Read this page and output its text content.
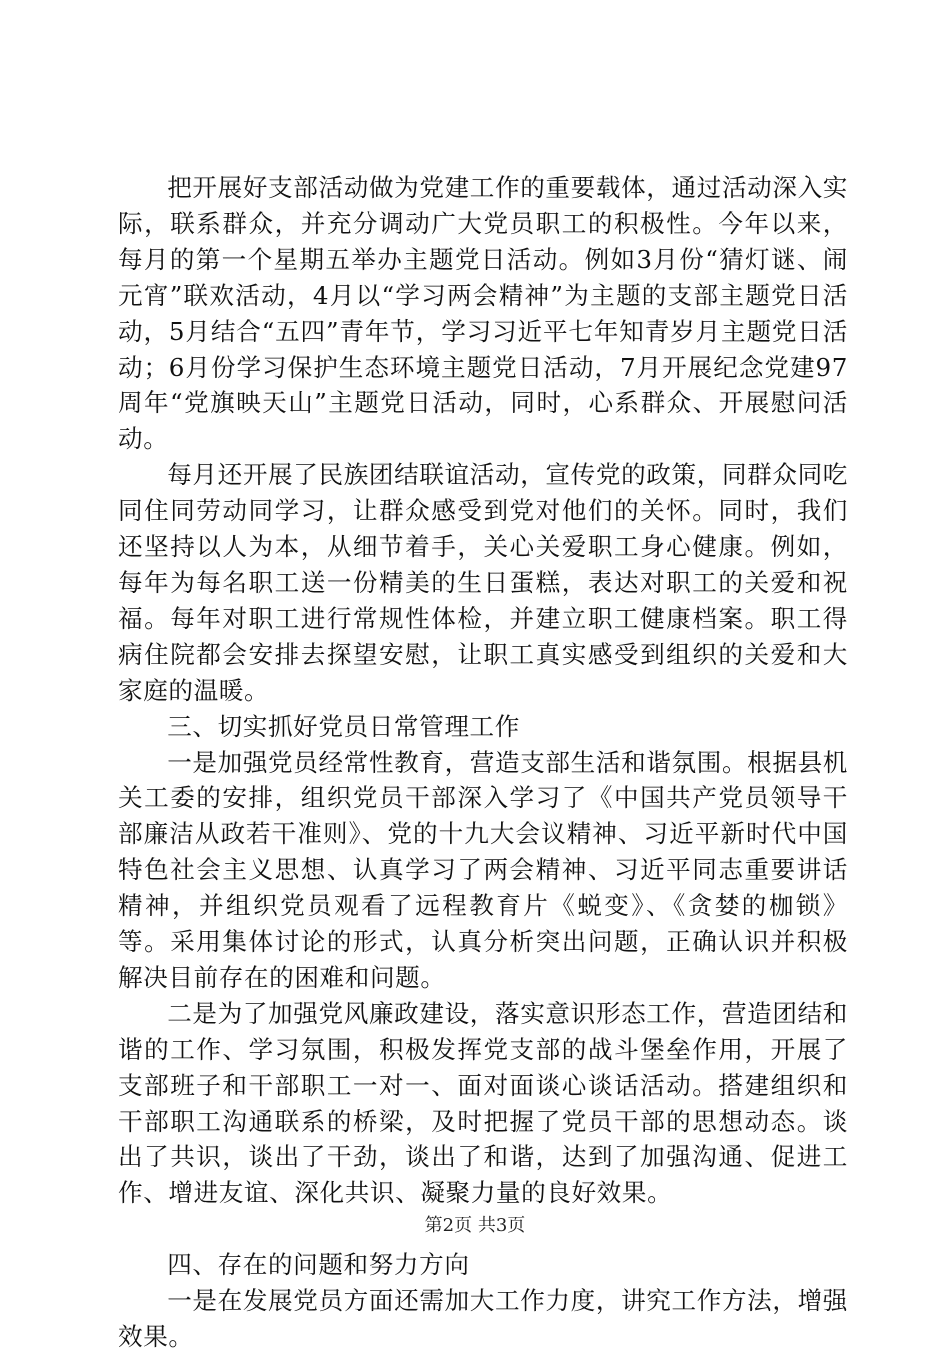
把开展好支部活动做为党建工作的重要载体，通过活动深入实际，联系群众，并充分调动广大党员职工的积极性。今年以来，每月的第一个星期五举办主题党日活动。例如3月份“猜灯谜、闹元宵”联欢活动，4月以“学习两会精神”为主题的支部主题党日活动，5月结合“五四”青年节，学习习近平七年知青岁月主题党日活动；6月份学习保护生态环境主题党日活动，7月开展纪念党建97周年“党旗映天山”主题党日活动，同时，心系群众、开展慰问活动。

每月还开展了民族团结联谊活动，宣传党的政策，同群众同吃同住同劳动同学习，让群众感受到党对他们的关怀。同时，我们还坚持以人为本，从细节着手，关心关爱职工身心健康。例如，每年为每名职工送一份精美的生日蛋糕，表达对职工的关爱和祝福。每年对职工进行常规性体检，并建立职工健康档案。职工得病住院都会安排去探望安慰，让职工真实感受到组织的关爱和大家庭的温暖。

三、切实抓好党员日常管理工作

一是加强党员经常性教育，营造支部生活和谐氛围。根据县机关工委的安排，组织党员干部深入学习了《中国共产党员领导干部廉洁从政若干准则》、党的十九大会议精神、习近平新时代中国特色社会主义思想、认真学习了两会精神、习近平同志重要讲话精神，并组织党员观看了远程教育片《蜕变》、《贪婪的枷锁》等。采用集体讨论的形式，认真分析突出问题，正确认识并积极解决目前存在的困难和问题。

二是为了加强党风廉政建设，落实意识形态工作，营造团结和谐的工作、学习氛围，积极发挥党支部的战斗堡垒作用，开展了支部班子和干部职工一对一、面对面谈心谈话活动。搭建组织和干部职工沟通联系的桥梁，及时把握了党员干部的思想动态。谈出了共识，谈出了干劲，谈出了和谐，达到了加强沟通、促进工作、增进友谊、深化共识、凝聚力量的良好效果。

四、存在的问题和努力方向

一是在发展党员方面还需加大工作力度，讲究工作方法，增强效果。

第2页 共3页
